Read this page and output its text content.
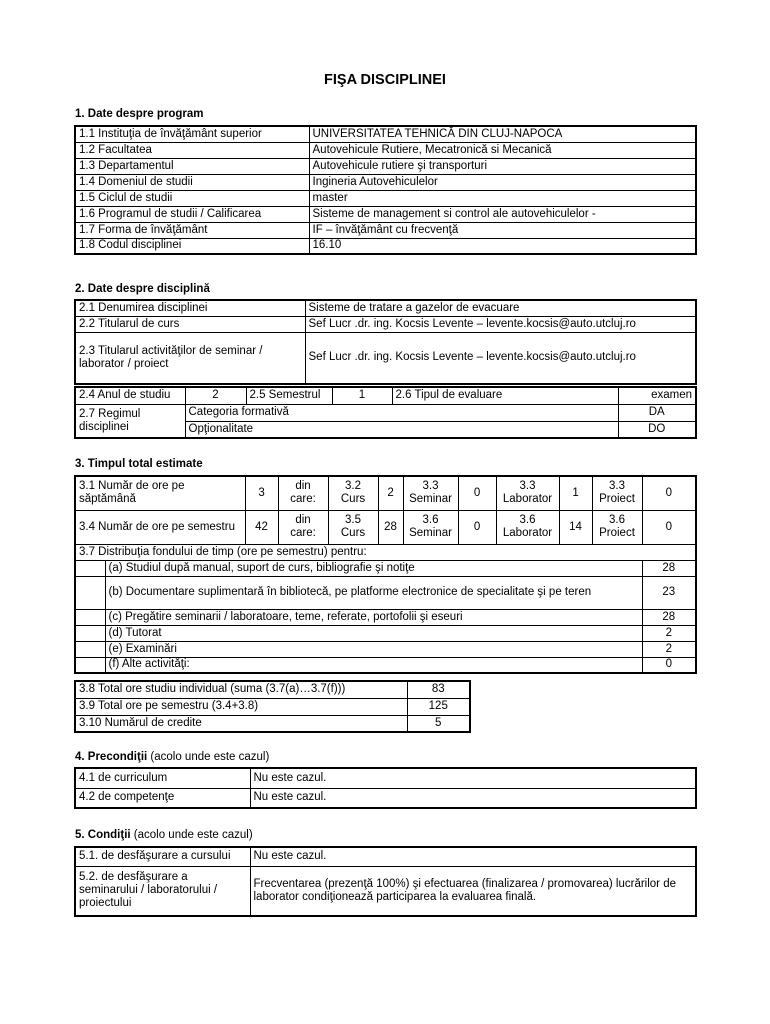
FIŞA DISCIPLINEI
1. Date despre program
1.1 Instituţia de învăţământ superior	UNIVERSITATEA TEHNICĂ DIN CLUJ-NAPOCA
1.2 Facultatea	Autovehicule Rutiere, Mecatronică si Mecanică
1.3 Departamentul	Autovehicule rutiere şi transporturi
1.4 Domeniul de studii	Ingineria Autovehiculelor
1.5 Ciclul de studii	master
1.6 Programul de studii / Calificarea	Sisteme de management si control ale autovehiculelor -
1.7 Forma de învăţământ	IF – învăţământ cu frecvenţă
1.8 Codul disciplinei	16.10
2. Date despre disciplină
2.1 Denumirea disciplinei	Sisteme de tratare a gazelor de evacuare
2.2 Titularul de curs	Sef Lucr .dr. ing. Kocsis Levente – levente.kocsis@auto.utcluj.ro
2.3 Titularul activităţilor de seminar / laborator / proiect	Sef Lucr .dr. ing. Kocsis Levente – levente.kocsis@auto.utcluj.ro
2.4 Anul de studiu	2	2.5 Semestrul	1	2.6 Tipul de evaluare	examen
2.7 Regimul disciplinei	Categoria formativă				DA
	Opţionalitate				DO
3. Timpul total estimate
3.1 Număr de ore pe săptămână		3	din care:	3.2 Curs	2	3.3 Seminar	0	3.3 Laborator	1	3.3 Proiect	0
3.4 Număr de ore pe semestru		42	din care:	3.5 Curs	28	3.6 Seminar	0	3.6 Laborator	14	3.6 Proiect	0
3.7 Distribuţia fondului de timp (ore pe semestru) pentru:											
	(a) Studiul după manual, suport de curs, bibliografie şi notiţe										28
	(b) Documentare suplimentară în bibliotecă, pe platforme electronice de specialitate şi pe teren										23
	(c) Pregătire seminarii / laboratoare, teme, referate, portofolii şi eseuri										28
	(d) Tutorat										2
	(e) Examinări										2
	(f) Alte activităţi:										0
3.8 Total ore studiu individual (suma (3.7(a)…3.7(f)))	83
3.9 Total ore pe semestru (3.4+3.8)	125
3.10 Numărul de credite	5
4. Precondiţii (acolo unde este cazul)
4.1 de curriculum	Nu este cazul.
4.2 de competenţe	Nu este cazul.
5. Condiţii (acolo unde este cazul)
5.1. de desfăşurare a cursului	Nu este cazul.
5.2. de desfăşurare a seminarului / laboratorului / proiectului	Frecventarea (prezenţă 100%) şi efectuarea (finalizarea / promovarea) lucrărilor de laborator condiţionează participarea la evaluarea finală.
